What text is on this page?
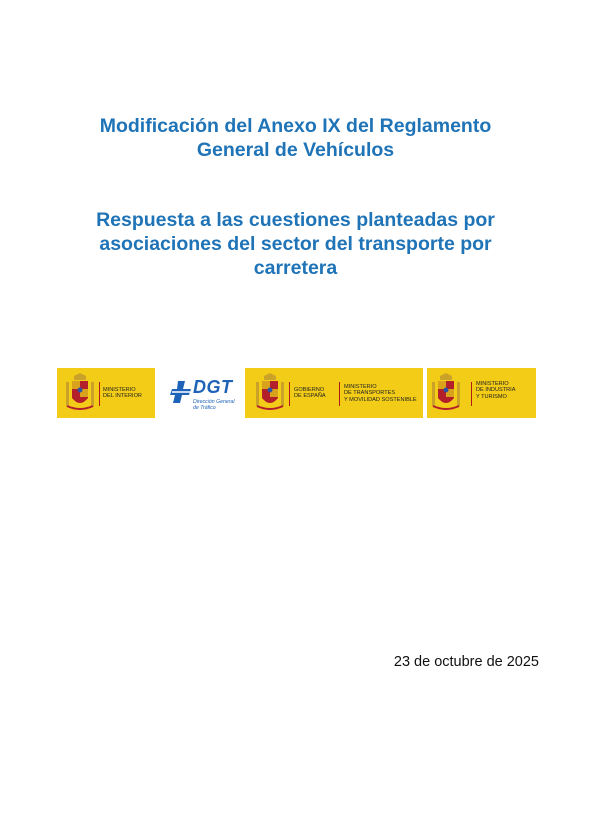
Modificación del Anexo IX del Reglamento
General de Vehículos
Respuesta a las cuestiones planteadas por
asociaciones del sector del transporte por
carretera
MINISTERIO
DEL INTERIOR	DGT
Dirección General
de Tráfico
GOBIERNO
DE ESPAÑA
MINISTERIO
DE TRANSPORTES
Y MOVILIDAD SOSTENIBLE
MINISTERIO
DE INDUSTRIA
Y TURISMO
23 de octubre de 2025
